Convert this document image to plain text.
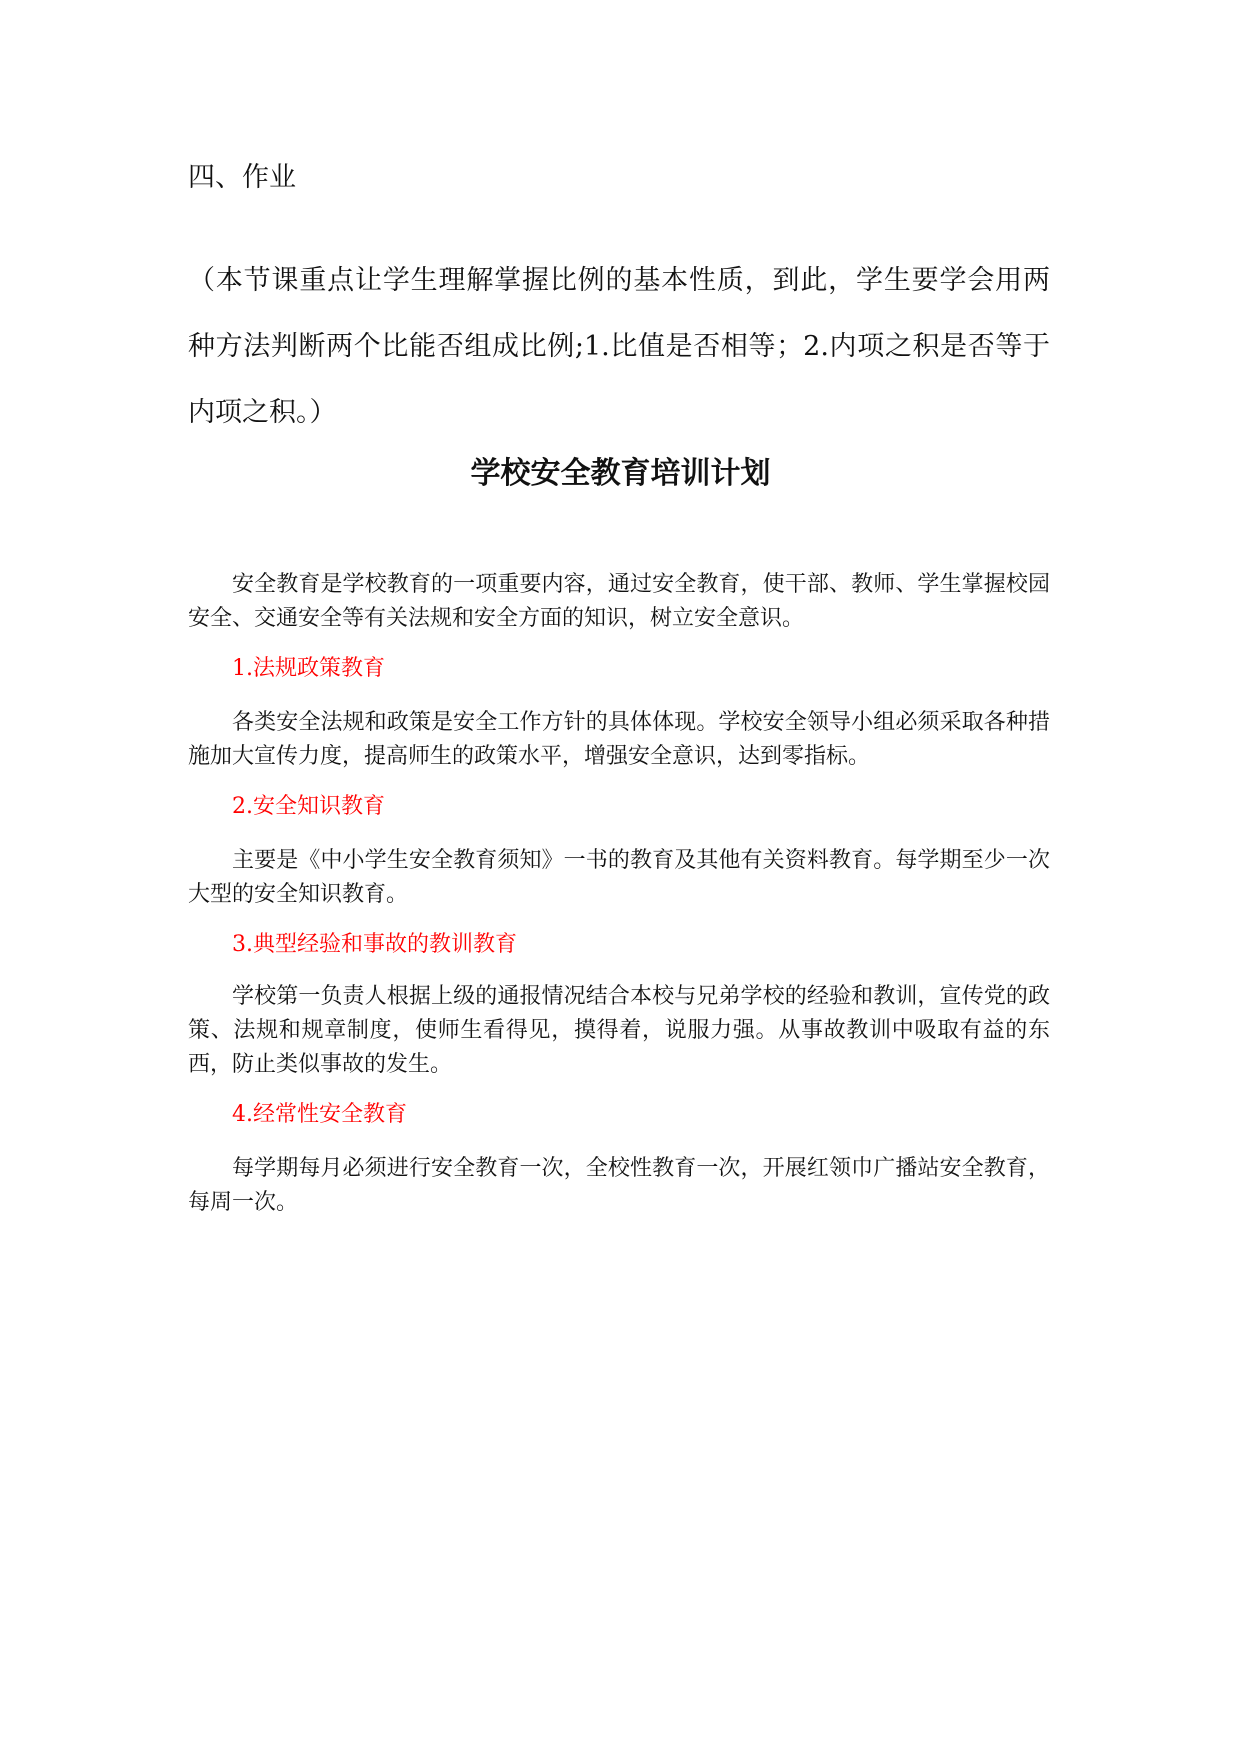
四、作业

（本节课重点让学生理解掌握比例的基本性质，到此，学生要学会用两种方法判断两个比能否组成比例;1.比值是否相等；2.内项之积是否等于内项之积。）

学校安全教育培训计划

安全教育是学校教育的一项重要内容，通过安全教育，使干部、教师、学生掌握校园安全、交通安全等有关法规和安全方面的知识，树立安全意识。

1.法规政策教育

各类安全法规和政策是安全工作方针的具体体现。学校安全领导小组必须采取各种措施加大宣传力度，提高师生的政策水平，增强安全意识，达到零指标。

2.安全知识教育

主要是《中小学生安全教育须知》一书的教育及其他有关资料教育。每学期至少一次大型的安全知识教育。

3.典型经验和事故的教训教育

学校第一负责人根据上级的通报情况结合本校与兄弟学校的经验和教训，宣传党的政策、法规和规章制度，使师生看得见，摸得着，说服力强。从事故教训中吸取有益的东西，防止类似事故的发生。

4.经常性安全教育

每学期每月必须进行安全教育一次，全校性教育一次，开展红领巾广播站安全教育，每周一次。
